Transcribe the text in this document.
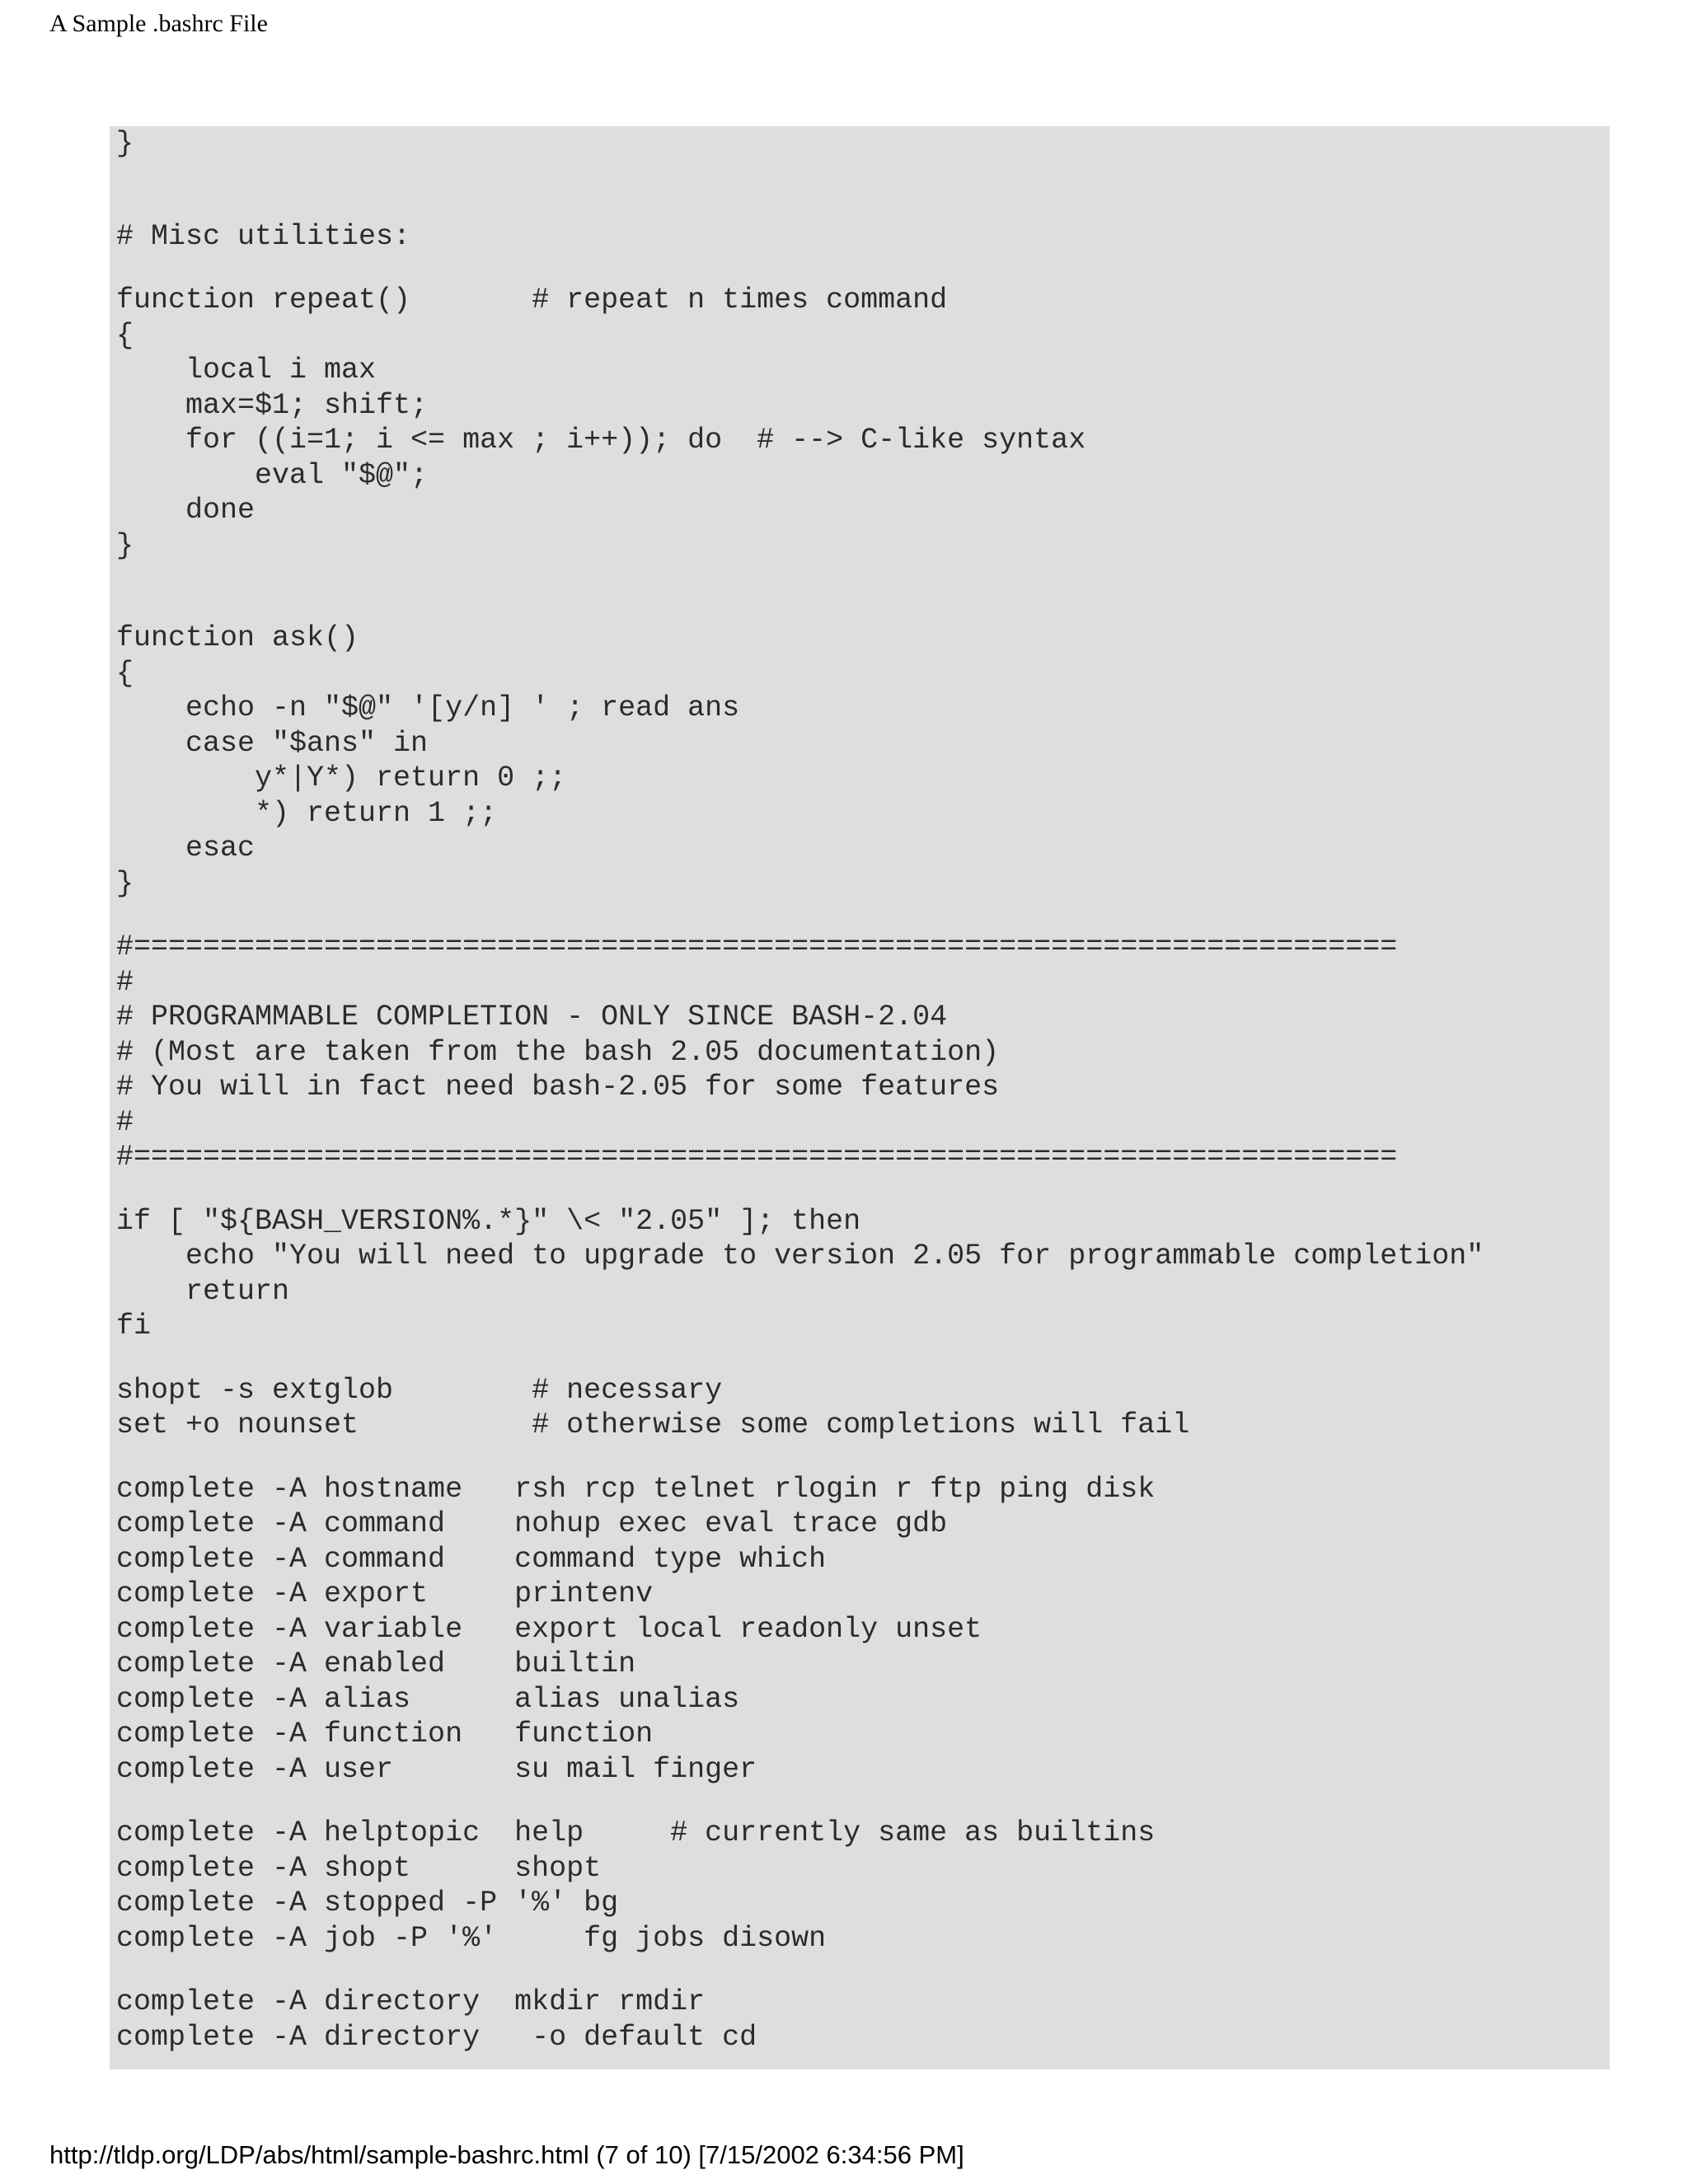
A Sample .bashrc File
}

# Misc utilities:

function repeat()       # repeat n times command
{
local i max
max=$1; shift;
for ((i=1; i <= max ; i++)); do  # --> C-like syntax
eval "$@";
done
}

function ask()
{
echo -n "$@" '[y/n] ' ; read ans
case "$ans" in
y*|Y*) return 0 ;;
*) return 1 ;;
esac
}

#=========================================================================
#
# PROGRAMMABLE COMPLETION - ONLY SINCE BASH-2.04
# (Most are taken from the bash 2.05 documentation)
# You will in fact need bash-2.05 for some features
#
#=========================================================================

if [ "${BASH_VERSION%.*}" \< "2.05" ]; then
echo "You will need to upgrade to version 2.05 for programmable completion"
return
fi

shopt -s extglob        # necessary
set +o nounset          # otherwise some completions will fail

complete -A hostname   rsh rcp telnet rlogin r ftp ping disk
complete -A command    nohup exec eval trace gdb
complete -A command    command type which
complete -A export     printenv
complete -A variable   export local readonly unset
complete -A enabled    builtin
complete -A alias      alias unalias
complete -A function   function
complete -A user       su mail finger

complete -A helptopic  help     # currently same as builtins
complete -A shopt      shopt
complete -A stopped -P '%' bg
complete -A job -P '%'     fg jobs disown

complete -A directory  mkdir rmdir
complete -A directory   -o default cd
http://tldp.org/LDP/abs/html/sample-bashrc.html (7 of 10) [7/15/2002 6:34:56 PM]
